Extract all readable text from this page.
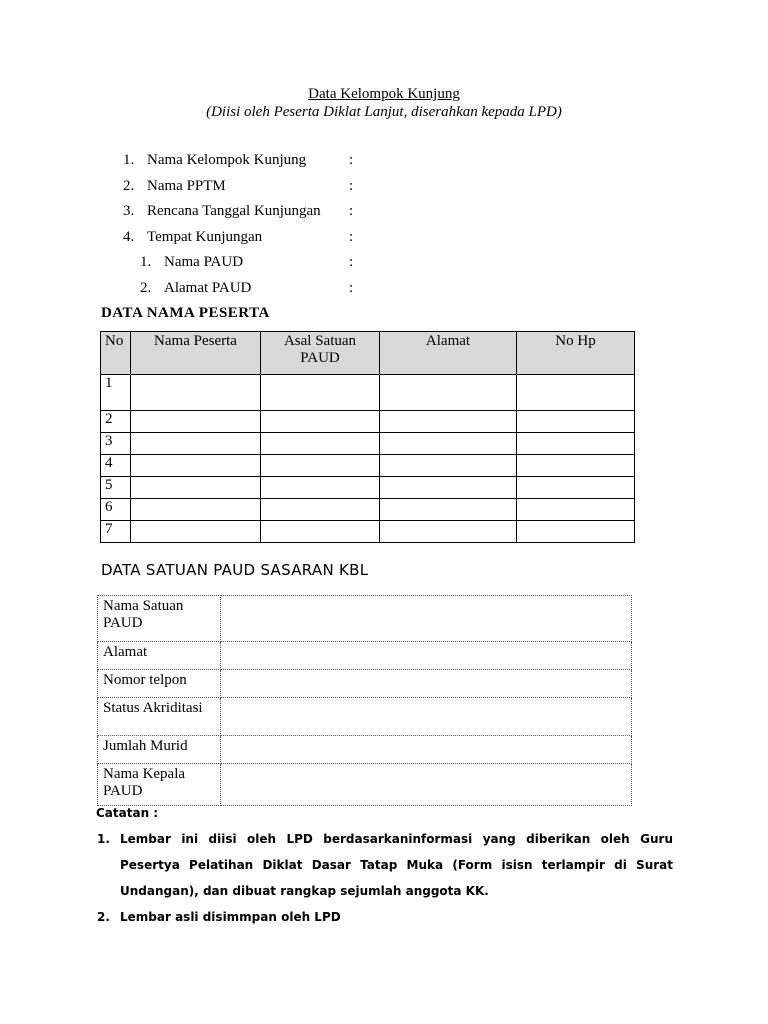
Data Kelompok Kunjung
(Diisi oleh Peserta Diklat Lanjut, diserahkan kepada LPD)
1. Nama Kelompok Kunjung	:
2. Nama PPTM	:
3. Rencana Tanggal Kunjungan :
4. Tempat Kunjungan	:
1. Nama PAUD	:
2. Alamat PAUD	:
DATA NAMA PESERTA
No	Nama Peserta	Asal Satuan PAUD	Alamat	No Hp
1				
2				
3				
4				
5				
6				
7				
DATA SATUAN PAUD SASARAN KBL
Nama Satuan PAUD	
Alamat	
Nomor telpon	
Status Akriditasi	
Jumlah Murid	
Nama Kepala PAUD	
Catatan :
1. Lembar ini diisi oleh LPD berdasarkaninformasi yang diberikan oleh Guru Pesertya Pelatihan Diklat Dasar Tatap Muka (Form isisn terlampir di Surat Undangan), dan dibuat rangkap sejumlah anggota KK.
2. Lembar asli disimmpan oleh LPD
